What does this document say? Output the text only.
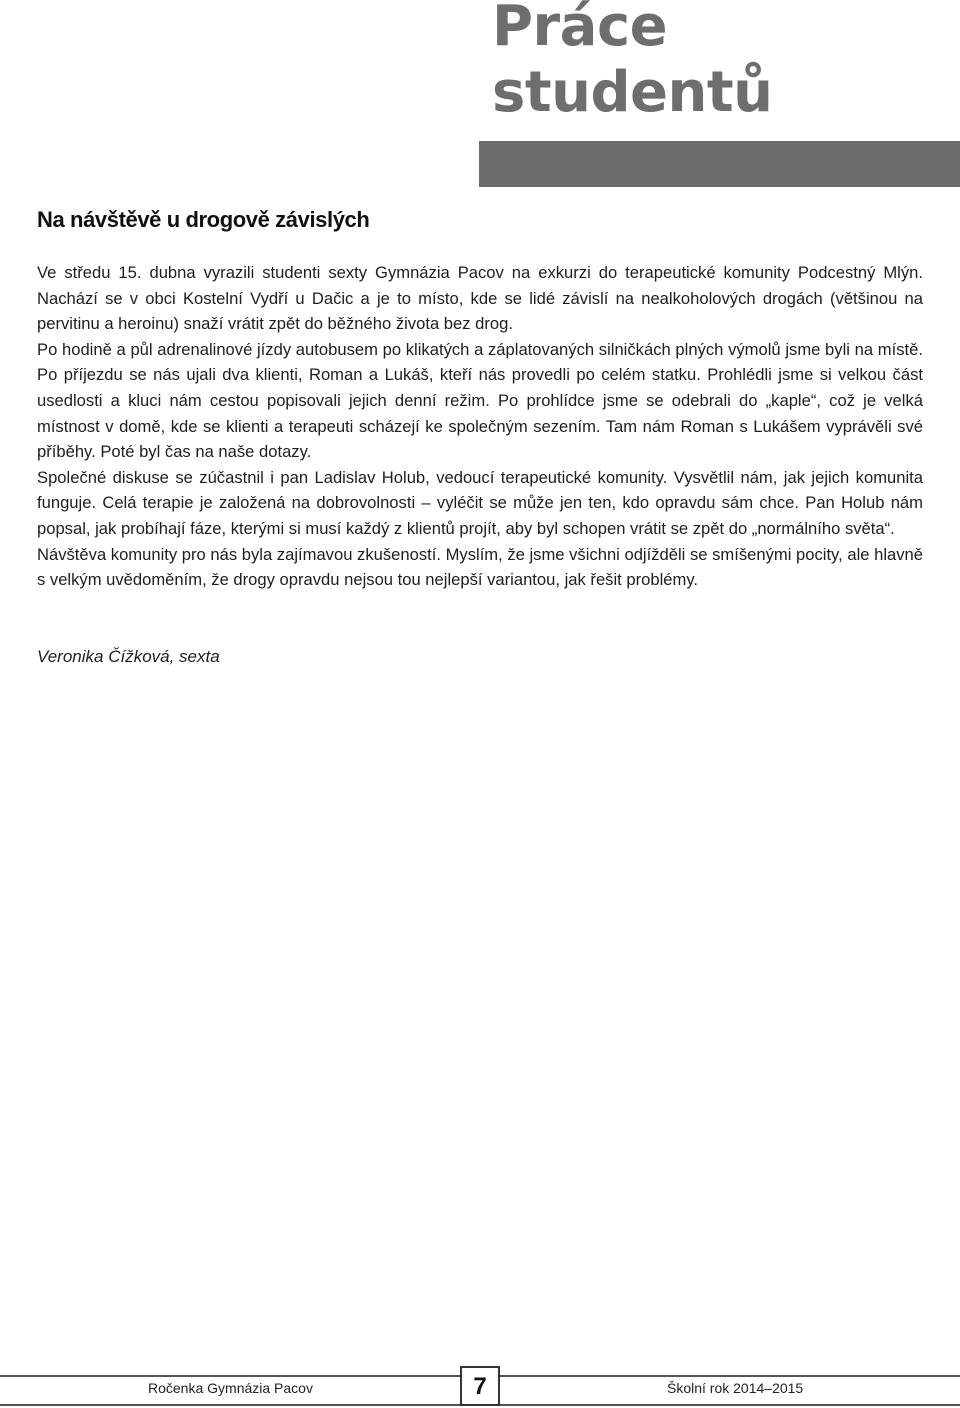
Práce
studentů
Na návštěvě u drogově závislých

Ve středu 15. dubna vyrazili studenti sexty Gymnázia Pacov na exkurzi do terapeutické komunity Podcestný Mlýn. Nachází se v obci Kostelní Vydří u Dačic a je to místo, kde se lidé závislí na nealkoholových drogách (většinou na pervitinu a heroinu) snaží vrátit zpět do běžného života bez drog.

Po hodině a půl adrenalinové jízdy autobusem po klikatých a záplatovaných silničkách plných výmolů jsme byli na místě. Po příjezdu se nás ujali dva klienti, Roman a Lukáš, kteří nás provedli po celém statku. Prohlédli jsme si velkou část usedlosti a kluci nám cestou popisovali jejich denní režim. Po prohlídce jsme se odebrali do „kaple“, což je velká místnost v domě, kde se klienti a terapeuti scházejí ke společným sezením. Tam nám Roman s Lukášem vyprávěli své příběhy. Poté byl čas na naše dotazy.

Společné diskuse se zúčastnil i pan Ladislav Holub, vedoucí terapeutické komunity. Vysvětlil nám, jak jejich komunita funguje. Celá terapie je založená na dobrovolnosti – vyléčit se může jen ten, kdo opravdu sám chce. Pan Holub nám popsal, jak probíhají fáze, kterými si musí každý z klientů projít, aby byl schopen vrátit se zpět do „normálního světa“.

Návštěva komunity pro nás byla zajímavou zkušeností. Myslím, že jsme všichni odjížděli se smíšenými pocity, ale hlavně s velkým uvědoměním, že drogy opravdu nejsou tou nejlepší variantou, jak řešit problémy.

Veronika Čížková, sexta

Ročenka Gymnázia Pacov	7	Školní rok 2014–2015
